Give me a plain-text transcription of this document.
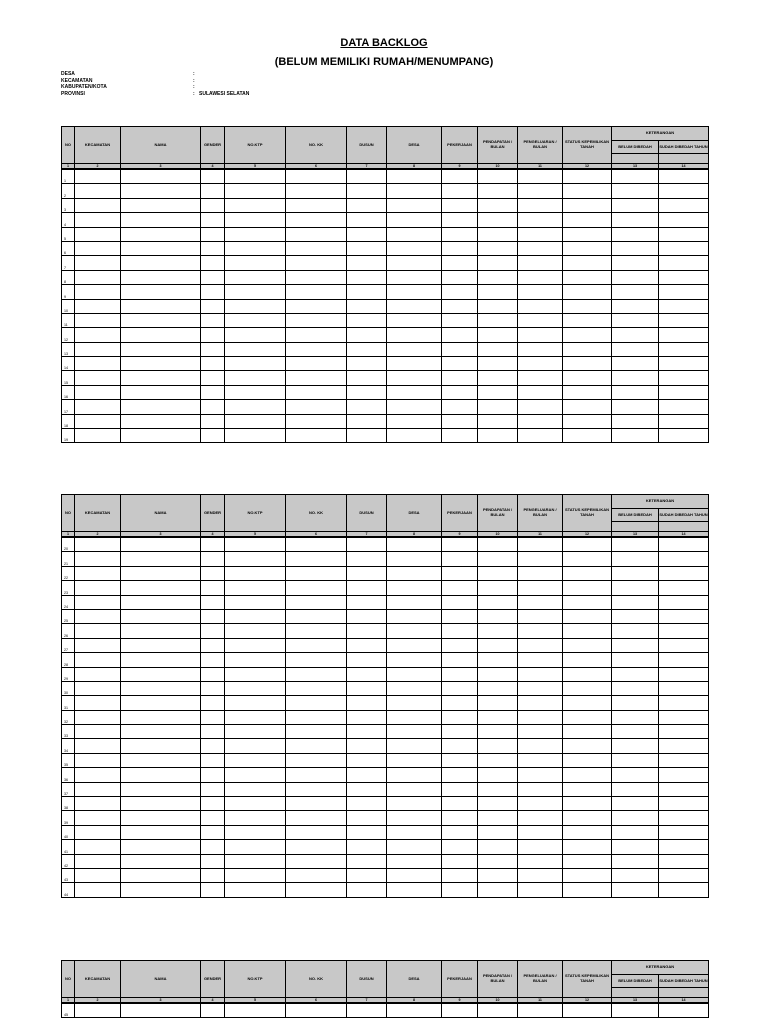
DATA BACKLOG
(BELUM MEMILIKI RUMAH/MENUMPANG)
DESA	:
KECAMATAN	:
KABUPATEN/KOTA	:
PROVINSI	: SULAWESI SELATAN
NO	KECAMATAN	NAMA	GENDER	NO.KTP	NO. KK	DUSUN	DESA	PEKERJAAN	PENDAPATAN / BULAN	PENGELUARAN / BULAN	STATUS KEPEMILIKAN TANAH	KETERANGAN	
												BELUM DIBEDAH	SUDAH DIBEDAH TAHUN

1	2	3	4	5	6	7	8	9	10	11	12	13	14
1													
2													
3													
4													
5													
6													
7													
8													
9													
10													
11													
12													
13													
14													
15													
16													
17													
18													
19													
NO	KECAMATAN	NAMA	GENDER	NO.KTP	NO. KK	DUSUN	DESA	PEKERJAAN	PENDAPATAN / BULAN	PENGELUARAN / BULAN	STATUS KEPEMILIKAN TANAH	KETERANGAN	
												BELUM DIBEDAH	SUDAH DIBEDAH TAHUN

1	2	3	4	5	6	7	8	9	10	11	12	13	14
20													
21													
22													
23													
24													
25													
26													
27													
28													
29													
30													
31													
32													
33													
34													
35													
36													
37													
38													
39													
40													
41													
42													
43													
44													
NO	KECAMATAN	NAMA	GENDER	NO.KTP	NO. KK	DUSUN	DESA	PEKERJAAN	PENDAPATAN / BULAN	PENGELUARAN / BULAN	STATUS KEPEMILIKAN TANAH	KETERANGAN	
												BELUM DIBEDAH	SUDAH DIBEDAH TAHUN

1	2	3	4	5	6	7	8	9	10	11	12	13	14
45													
